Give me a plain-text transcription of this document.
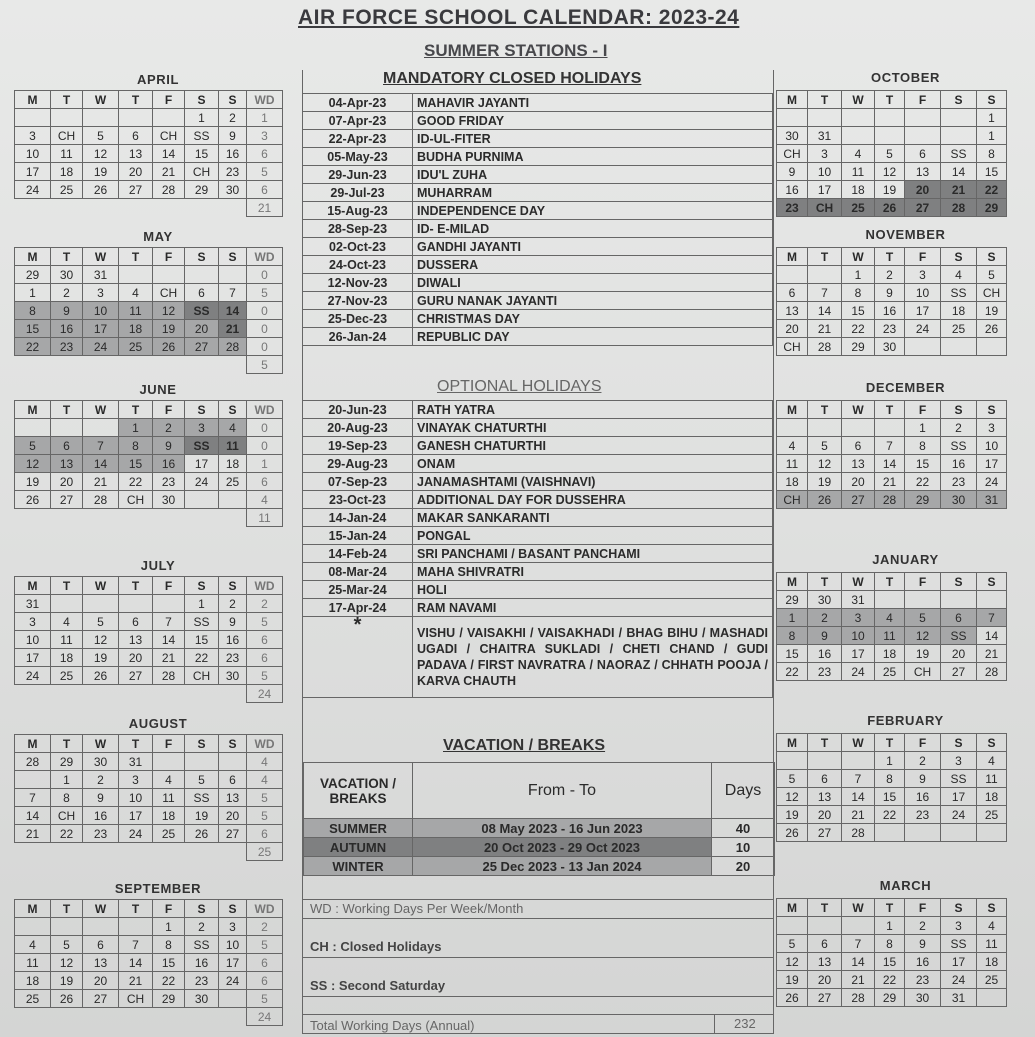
AIR FORCE SCHOOL CALENDAR: 2023-24
SUMMER STATIONS - I
MANDATORY CLOSED HOLIDAYS
04-Apr-23	MAHAVIR JAYANTI
07-Apr-23	GOOD FRIDAY
22-Apr-23	ID-UL-FITER
05-May-23	BUDHA PURNIMA
29-Jun-23	IDU'L ZUHA
29-Jul-23	MUHARRAM
15-Aug-23	INDEPENDENCE DAY
28-Sep-23	ID- E-MILAD
02-Oct-23	GANDHI JAYANTI
24-Oct-23	DUSSERA
12-Nov-23	DIWALI
27-Nov-23	GURU NANAK JAYANTI
25-Dec-23	CHRISTMAS DAY
26-Jan-24	REPUBLIC DAY
OPTIONAL HOLIDAYS
20-Jun-23	RATH YATRA
20-Aug-23	VINAYAK CHATURTHI
19-Sep-23	GANESH CHATURTHI
29-Aug-23	ONAM
07-Sep-23	JANAMASHTAMI (VAISHNAVI)
23-Oct-23	ADDITIONAL DAY FOR DUSSEHRA
14-Jan-24	MAKAR SANKARANTI
15-Jan-24	PONGAL
14-Feb-24	SRI PANCHAMI / BASANT PANCHAMI
08-Mar-24	MAHA SHIVRATRI
25-Mar-24	HOLI
17-Apr-24	RAM NAVAMI
*	VISHU / VAISAKHI / VAISAKHADI / BHAG BIHU / MASHADI UGADI / CHAITRA SUKLADI / CHETI CHAND / GUDI PADAVA / FIRST NAVRATRA / NAORAZ / CHHATH POOJA / KARVA CHAUTH
VACATION / BREAKS
VACATION / BREAKS	From - To	Days
SUMMER	08 May 2023 - 16 Jun 2023	40
AUTUMN	20 Oct 2023 - 29 Oct 2023	10
WINTER	25 Dec 2023 - 13 Jan 2024	20
WD : Working Days Per Week/Month
CH : Closed Holidays
SS : Second Saturday
Total Working Days (Annual)	232
APRIL
M	T	W	T	F	S	S	WD
					1	2	1
3	CH	5	6	CH	SS	9	3
10	11	12	13	14	15	16	6
17	18	19	20	21	CH	23	5
24	25	26	27	28	29	30	6
							21
MAY
M	T	W	T	F	S	S	WD
29	30	31					0
1	2	3	4	CH	6	7	5
8	9	10	11	12	SS	14	0
15	16	17	18	19	20	21	0
22	23	24	25	26	27	28	0
							5
JUNE
M	T	W	T	F	S	S	WD
			1	2	3	4	0
5	6	7	8	9	SS	11	0
12	13	14	15	16	17	18	1
19	20	21	22	23	24	25	6
26	27	28	CH	30			4
							11
JULY
M	T	W	T	F	S	S	WD
31					1	2	2
3	4	5	6	7	SS	9	5
10	11	12	13	14	15	16	6
17	18	19	20	21	22	23	6
24	25	26	27	28	CH	30	5
							24
AUGUST
M	T	W	T	F	S	S	WD
28	29	30	31				4
	1	2	3	4	5	6	4
7	8	9	10	11	SS	13	5
14	CH	16	17	18	19	20	5
21	22	23	24	25	26	27	6
							25
SEPTEMBER
M	T	W	T	F	S	S	WD
				1	2	3	2
4	5	6	7	8	SS	10	5
11	12	13	14	15	16	17	6
18	19	20	21	22	23	24	6
25	26	27	CH	29	30		5
							24
OCTOBER
M	T	W	T	F	S	S
						1
30	31					1
CH	3	4	5	6	SS	8
9	10	11	12	13	14	15
16	17	18	19	20	21	22
23	CH	25	26	27	28	29
NOVEMBER
M	T	W	T	F	S	S
		1	2	3	4	5
6	7	8	9	10	SS	CH
13	14	15	16	17	18	19
20	21	22	23	24	25	26
CH	28	29	30			
DECEMBER
M	T	W	T	F	S	S
				1	2	3
4	5	6	7	8	SS	10
11	12	13	14	15	16	17
18	19	20	21	22	23	24
CH	26	27	28	29	30	31
JANUARY
M	T	W	T	F	S	S
29	30	31				
1	2	3	4	5	6	7
8	9	10	11	12	SS	14
15	16	17	18	19	20	21
22	23	24	25	CH	27	28
FEBRUARY
M	T	W	T	F	S	S
			1	2	3	4
5	6	7	8	9	SS	11
12	13	14	15	16	17	18
19	20	21	22	23	24	25
26	27	28				
MARCH
M	T	W	T	F	S	S
			1	2	3	4
5	6	7	8	9	SS	11
12	13	14	15	16	17	18
19	20	21	22	23	24	25
26	27	28	29	30	31	
